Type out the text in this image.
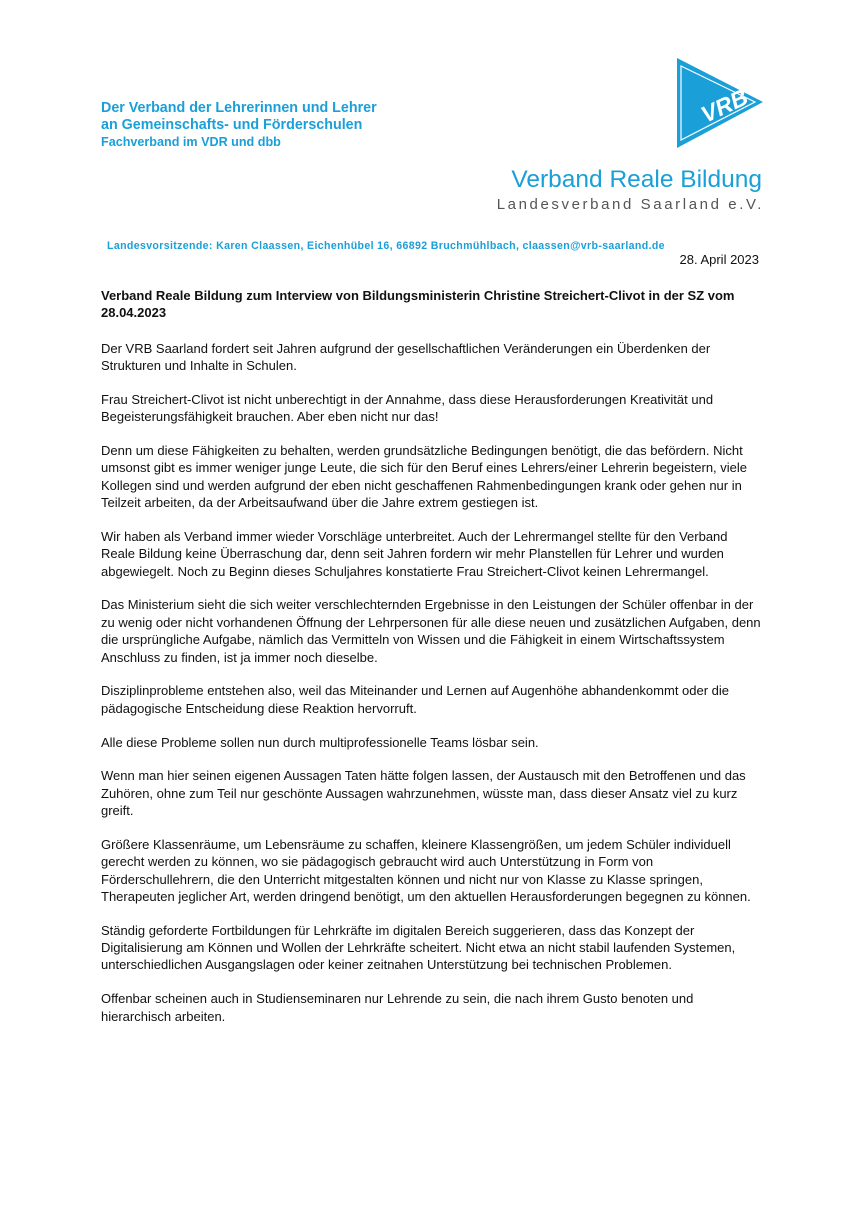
Der Verband der Lehrerinnen und Lehrer
an Gemeinschafts- und Förderschulen
Fachverband im VDR und dbb
VRB
Verband Reale Bildung
Landesverband Saarland e.V.
Landesvorsitzende: Karen Claassen, Eichenhübel 16, 66892 Bruchmühlbach, claassen@vrb-saarland.de
28. April 2023

Verband Reale Bildung zum Interview von Bildungsministerin Christine Streichert-Clivot in der SZ vom 28.04.2023

Der VRB Saarland fordert seit Jahren aufgrund der gesellschaftlichen Veränderungen ein Überdenken der Strukturen und Inhalte in Schulen.

Frau Streichert-Clivot ist nicht unberechtigt in der Annahme, dass diese Herausforderungen Kreativität und Begeisterungsfähigkeit brauchen. Aber eben nicht nur das!

Denn um diese Fähigkeiten zu behalten, werden grundsätzliche Bedingungen benötigt, die das befördern. Nicht umsonst gibt es immer weniger junge Leute, die sich für den Beruf eines Lehrers/einer Lehrerin begeistern, viele Kollegen sind und werden aufgrund der eben nicht geschaffenen Rahmenbedingungen krank oder gehen nur in Teilzeit arbeiten, da der Arbeitsaufwand über die Jahre extrem gestiegen ist.

Wir haben als Verband immer wieder Vorschläge unterbreitet. Auch der Lehrermangel stellte für den Verband Reale Bildung keine Überraschung dar, denn seit Jahren fordern wir mehr Planstellen für Lehrer und wurden abgewiegelt. Noch zu Beginn dieses Schuljahres konstatierte Frau Streichert-Clivot keinen Lehrermangel.

Das Ministerium sieht die sich weiter verschlechternden Ergebnisse in den Leistungen der Schüler offenbar in der zu wenig oder nicht vorhandenen Öffnung der Lehrpersonen für alle diese neuen und zusätzlichen Aufgaben, denn die ursprüngliche Aufgabe, nämlich das Vermitteln von Wissen und die Fähigkeit in einem Wirtschaftssystem Anschluss zu finden, ist ja immer noch dieselbe.

Disziplinprobleme entstehen also, weil das Miteinander und Lernen auf Augenhöhe abhandenkommt oder die pädagogische Entscheidung diese Reaktion hervorruft.

Alle diese Probleme sollen nun durch multiprofessionelle Teams lösbar sein.

Wenn man hier seinen eigenen Aussagen Taten hätte folgen lassen, der Austausch mit den Betroffenen und das Zuhören, ohne zum Teil nur geschönte Aussagen wahrzunehmen, wüsste man, dass dieser Ansatz viel zu kurz greift.

Größere Klassenräume, um Lebensräume zu schaffen, kleinere Klassengrößen, um jedem Schüler individuell gerecht werden zu können, wo sie pädagogisch gebraucht wird auch Unterstützung in Form von Förderschullehrern, die den Unterricht mitgestalten können und nicht nur von Klasse zu Klasse springen, Therapeuten jeglicher Art, werden dringend benötigt, um den aktuellen Herausforderungen begegnen zu können.

Ständig geforderte Fortbildungen für Lehrkräfte im digitalen Bereich suggerieren, dass das Konzept der Digitalisierung am Können und Wollen der Lehrkräfte scheitert. Nicht etwa an nicht stabil laufenden Systemen, unterschiedlichen Ausgangslagen oder keiner zeitnahen Unterstützung bei technischen Problemen.

Offenbar scheinen auch in Studienseminaren nur Lehrende zu sein, die nach ihrem Gusto benoten und hierarchisch arbeiten.
